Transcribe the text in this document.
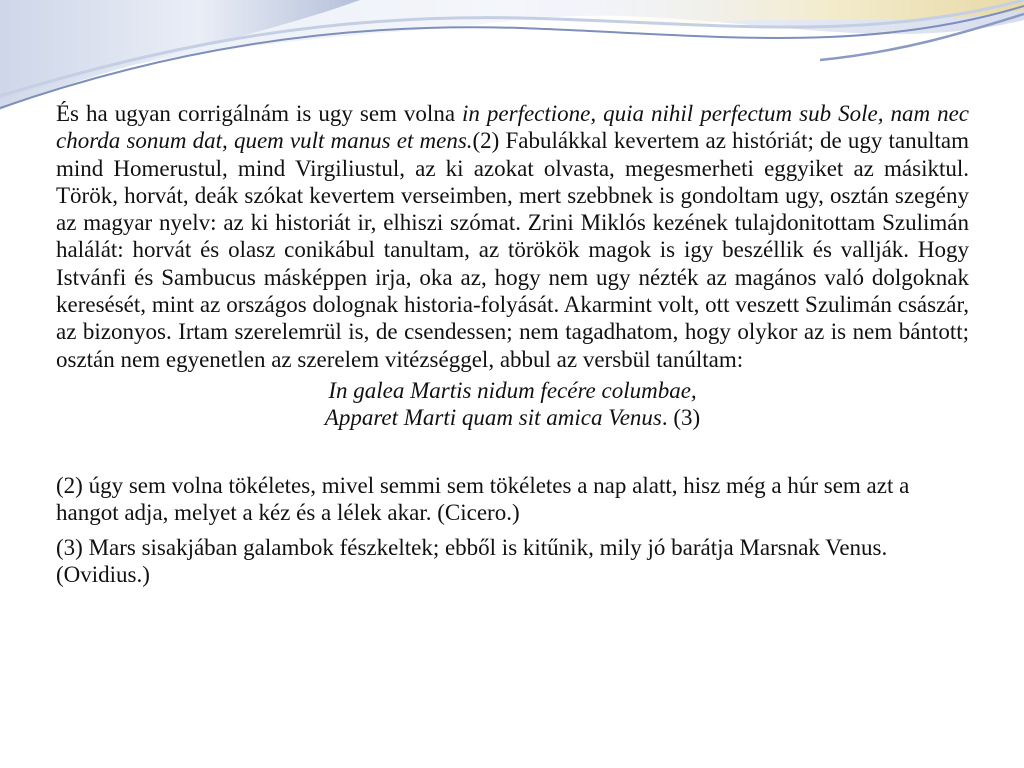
És ha ugyan corrigálnám is ugy sem volna in perfectione, quia nihil perfectum sub Sole, nam nec chorda sonum dat, quem vult manus et mens.(2) Fabulákkal kevertem az históriát; de ugy tanultam mind Homerustul, mind Virgiliustul, az ki azokat olvasta, megesmerheti eggyiket az másiktul. Török, horvát, deák szókat kevertem verseimben, mert szebbnek is gondoltam ugy, osztán szegény az magyar nyelv: az ki historiát ir, elhiszi szómat. Zrini Miklós kezének tulajdonitottam Szulimán halálát: horvát és olasz conikábul tanultam, az törökök magok is igy beszéllik és vallják. Hogy Istvánfi és Sambucus másképpen irja, oka az, hogy nem ugy nézték az magános való dolgoknak keresését, mint az országos dolognak historia-folyását. Akarmint volt, ott veszett Szulimán császár, az bizonyos. Irtam szerelemrül is, de csendessen; nem tagadhatom, hogy olykor az is nem bántott; osztán nem egyenetlen az szerelem vitézséggel, abbul az versbül tanúltam:

In galea Martis nidum fecére columbae,
Apparet Marti quam sit amica Venus. (3)

(2) úgy sem volna tökéletes, mivel semmi sem tökéletes a nap alatt, hisz még a húr sem azt a hangot adja, melyet a kéz és a lélek akar. (Cicero.)

(3) Mars sisakjában galambok fészkeltek; ebből is kitűnik, mily jó barátja Marsnak Venus. (Ovidius.)
